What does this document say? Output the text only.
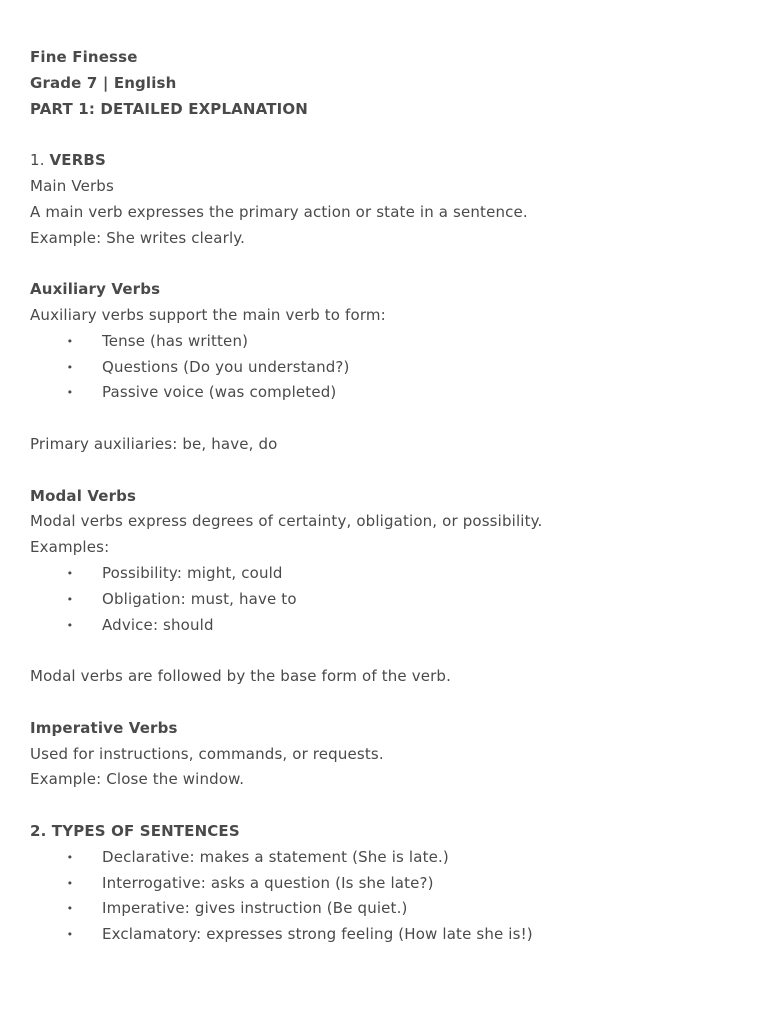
Fine Finesse
Grade 7 | English
PART 1: DETAILED EXPLANATION
1. VERBS
Main Verbs
A main verb expresses the primary action or state in a sentence.
Example: She writes clearly.
Auxiliary Verbs
Auxiliary verbs support the main verb to form:
• Tense (has written)
• Questions (Do you understand?)
• Passive voice (was completed)
Primary auxiliaries: be, have, do
Modal Verbs
Modal verbs express degrees of certainty, obligation, or possibility.
Examples:
• Possibility: might, could
• Obligation: must, have to
• Advice: should
Modal verbs are followed by the base form of the verb.
Imperative Verbs
Used for instructions, commands, or requests.
Example: Close the window.
2. TYPES OF SENTENCES
• Declarative: makes a statement (She is late.)
• Interrogative: asks a question (Is she late?)
• Imperative: gives instruction (Be quiet.)
• Exclamatory: expresses strong feeling (How late she is!)
